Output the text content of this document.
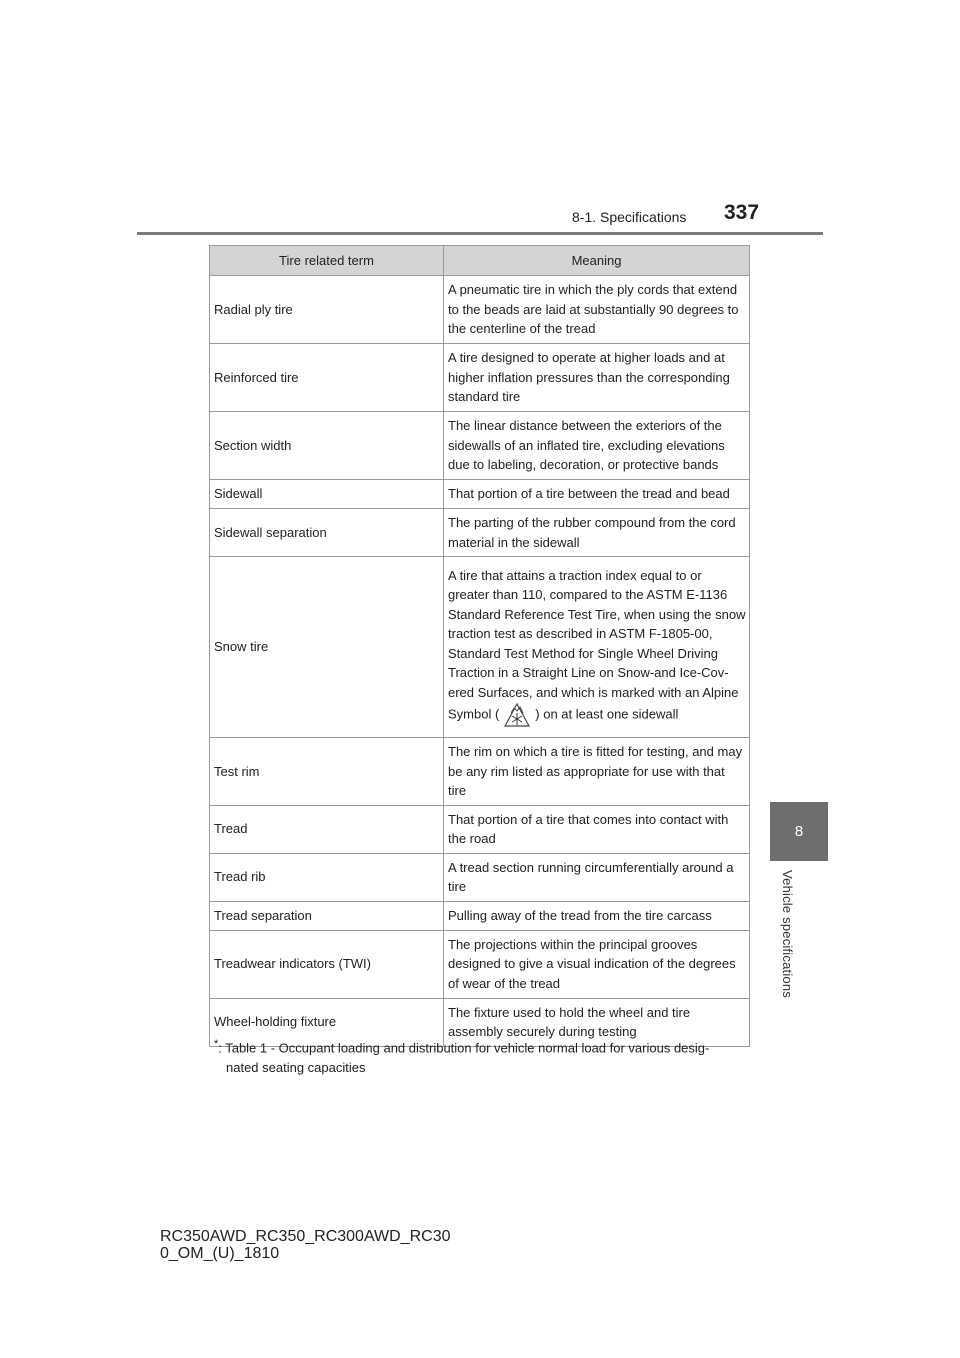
8-1. Specifications 337
8
Vehicle specifications
Tire related term	Meaning
Radial ply tire	A pneumatic tire in which the ply cords that extend to the beads are laid at substantially 90 degrees to the centerline of the tread
Reinforced tire	A tire designed to operate at higher loads and at higher inflation pressures than the corresponding standard tire
Section width	The linear distance between the exteriors of the sidewalls of an inflated tire, excluding elevations due to labeling, decoration, or protective bands
Sidewall	That portion of a tire between the tread and bead
Sidewall separation	The parting of the rubber compound from the cord material in the sidewall
Snow tire	A tire that attains a traction index equal to or greater than 110, compared to the ASTM E-1136 Standard Reference Test Tire, when using the snow traction test as described in ASTM F-1805-00, Standard Test Method for Single Wheel Driving Traction in a Straight Line on Snow-and Ice-Cov-ered Surfaces, and which is marked with an Alpine
Symbol ( ) on at least one sidewall
Test rim	The rim on which a tire is fitted for testing, and may be any rim listed as appropriate for use with that tire
Tread	That portion of a tire that comes into contact with the road
Tread rib	A tread section running circumferentially around a tire
Tread separation	Pulling away of the tread from the tire carcass
Treadwear indicators (TWI)	The projections within the principal grooves designed to give a visual indication of the degrees of wear of the tread
Wheel-holding fixture	The fixture used to hold the wheel and tire assembly securely during testing
*: Table 1 - Occupant loading and distribution for vehicle normal load for various desig-
nated seating capacities
RC350AWD_RC350_RC300AWD_RC30
0_OM_(U)_1810
